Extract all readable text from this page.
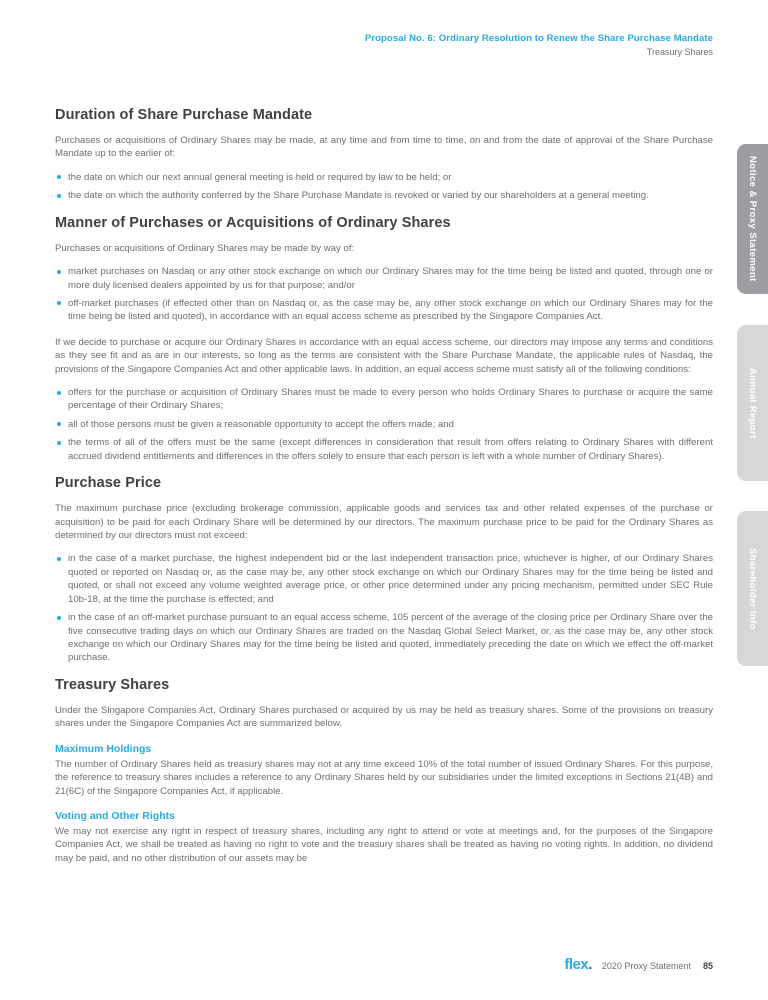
Proposal No. 6: Ordinary Resolution to Renew the Share Purchase Mandate
Treasury Shares
Duration of Share Purchase Mandate

Purchases or acquisitions of Ordinary Shares may be made, at any time and from time to time, on and from the date of approval of the Share Purchase Mandate up to the earlier of:

the date on which our next annual general meeting is held or required by law to be held; or
the date on which the authority conferred by the Share Purchase Mandate is revoked or varied by our shareholders at a general meeting.
Manner of Purchases or Acquisitions of Ordinary Shares

Purchases or acquisitions of Ordinary Shares may be made by way of:

market purchases on Nasdaq or any other stock exchange on which our Ordinary Shares may for the time being be listed and quoted, through one or more duly licensed dealers appointed by us for that purpose; and/or
off-market purchases (if effected other than on Nasdaq or, as the case may be, any other stock exchange on which our Ordinary Shares may for the time being be listed and quoted), in accordance with an equal access scheme as prescribed by the Singapore Companies Act.

If we decide to purchase or acquire our Ordinary Shares in accordance with an equal access scheme, our directors may impose any terms and conditions as they see fit and as are in our interests, so long as the terms are consistent with the Share Purchase Mandate, the applicable rules of Nasdaq, the provisions of the Singapore Companies Act and other applicable laws. In addition, an equal access scheme must satisfy all of the following conditions:

offers for the purchase or acquisition of Ordinary Shares must be made to every person who holds Ordinary Shares to purchase or acquire the same percentage of their Ordinary Shares;
all of those persons must be given a reasonable opportunity to accept the offers made; and
the terms of all of the offers must be the same (except differences in consideration that result from offers relating to Ordinary Shares with different accrued dividend entitlements and differences in the offers solely to ensure that each person is left with a whole number of Ordinary Shares).
Purchase Price

The maximum purchase price (excluding brokerage commission, applicable goods and services tax and other related expenses of the purchase or acquisition) to be paid for each Ordinary Share will be determined by our directors. The maximum purchase price to be paid for the Ordinary Shares as determined by our directors must not exceed:

in the case of a market purchase, the highest independent bid or the last independent transaction price, whichever is higher, of our Ordinary Shares quoted or reported on Nasdaq or, as the case may be, any other stock exchange on which our Ordinary Shares may for the time being be listed and quoted, or shall not exceed any volume weighted average price, or other price determined under any pricing mechanism, permitted under SEC Rule 10b-18, at the time the purchase is effected; and
in the case of an off-market purchase pursuant to an equal access scheme, 105 percent of the average of the closing price per Ordinary Share over the five consecutive trading days on which our Ordinary Shares are traded on the Nasdaq Global Select Market, or, as the case may be, any other stock exchange on which our Ordinary Shares may for the time being be listed and quoted, immediately preceding the date on which we effect the off-market purchase.
Treasury Shares

Under the Singapore Companies Act, Ordinary Shares purchased or acquired by us may be held as treasury shares. Some of the provisions on treasury shares under the Singapore Companies Act are summarized below.

Maximum Holdings

The number of Ordinary Shares held as treasury shares may not at any time exceed 10% of the total number of issued Ordinary Shares. For this purpose, the reference to treasury shares includes a reference to any Ordinary Shares held by our subsidiaries under the limited exceptions in Sections 21(4B) and 21(6C) of the Singapore Companies Act, if applicable.

Voting and Other Rights

We may not exercise any right in respect of treasury shares, including any right to attend or vote at meetings and, for the purposes of the Singapore Companies Act, we shall be treated as having no right to vote and the treasury shares shall be treated as having no voting rights. In addition, no dividend may be paid, and no other distribution of our assets may be

Notice & Proxy Statement
Annual Report
Shareholder Info
flex. 2020 Proxy Statement 85
